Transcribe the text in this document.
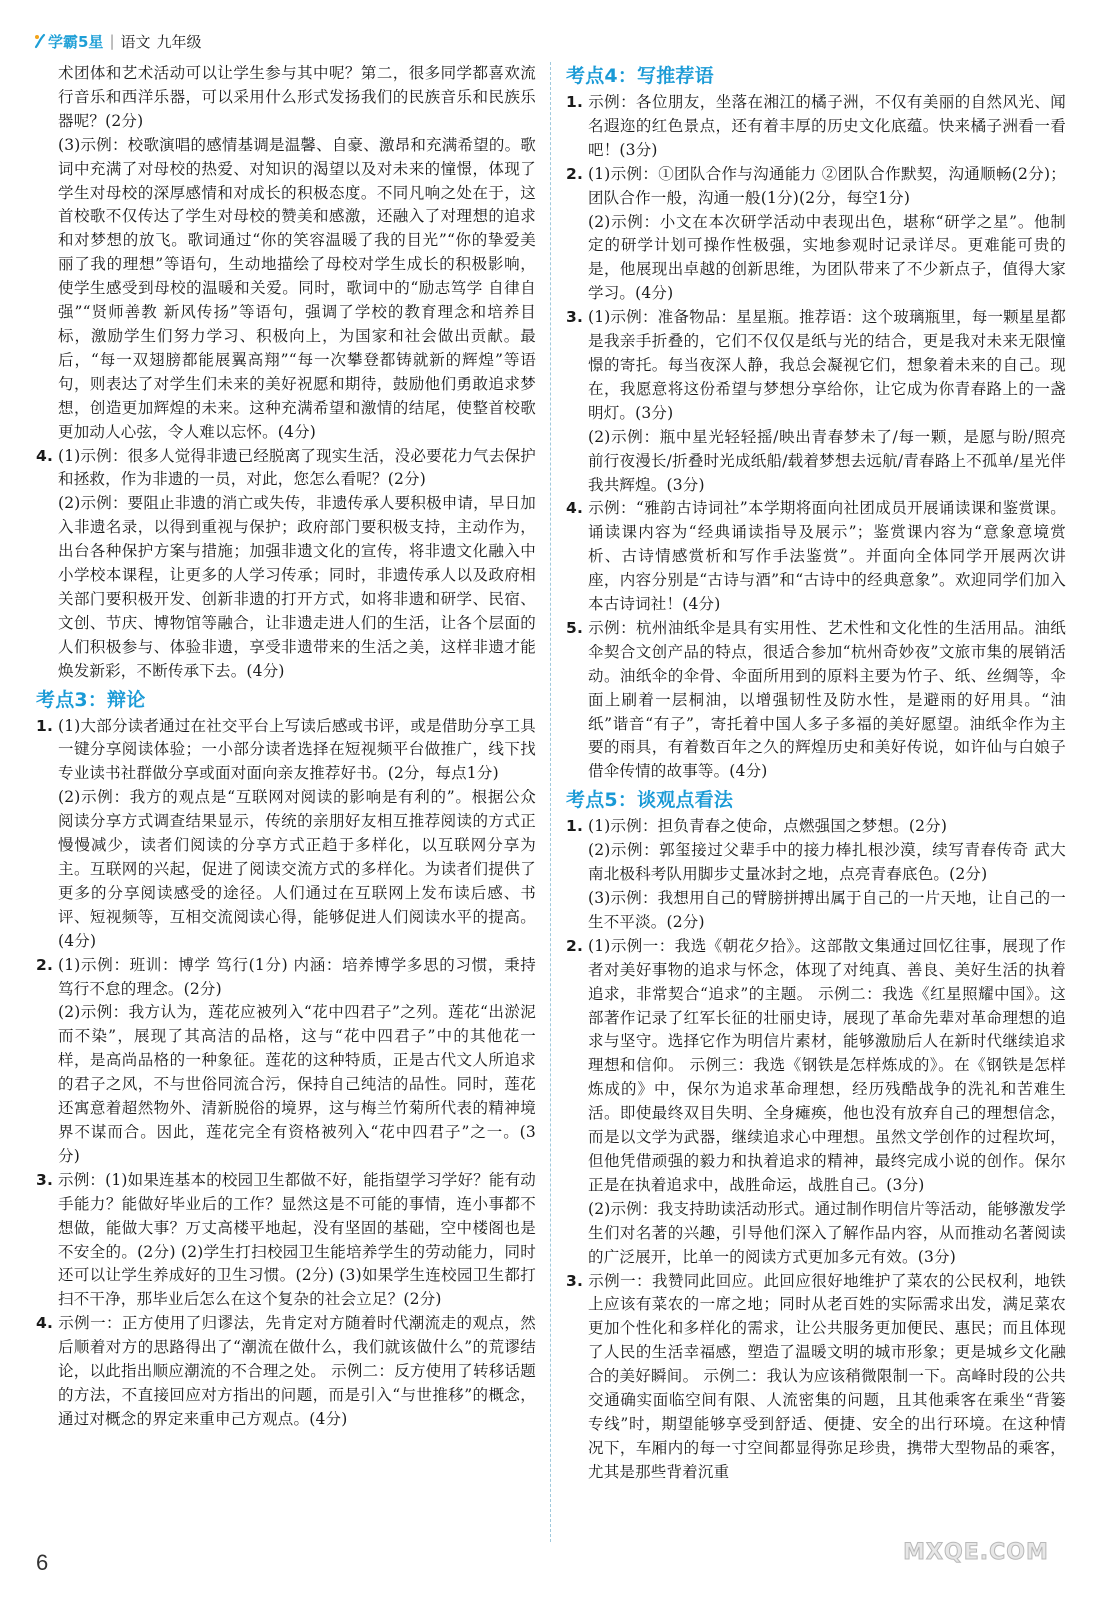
学霸5星 | 语文 九年级

术团体和艺术活动可以让学生参与其中呢？第二，很多同学都喜欢流行音乐和西洋乐器，可以采用什么形式发扬我们的民族音乐和民族乐器呢？(2分)

(3)示例：校歌演唱的感情基调是温馨、自豪、激昂和充满希望的。歌词中充满了对母校的热爱、对知识的渴望以及对未来的憧憬，体现了学生对母校的深厚感情和对成长的积极态度。不同凡响之处在于，这首校歌不仅传达了学生对母校的赞美和感激，还融入了对理想的追求和对梦想的放飞。歌词通过“你的笑容温暖了我的目光”“你的挚爱美丽了我的理想”等语句，生动地描绘了母校对学生成长的积极影响，使学生感受到母校的温暖和关爱。同时，歌词中的“励志笃学 自律自强”“贤师善教 新风传扬”等语句，强调了学校的教育理念和培养目标，激励学生们努力学习、积极向上，为国家和社会做出贡献。最后，“每一双翅膀都能展翼高翔”“每一次攀登都铸就新的辉煌”等语句，则表达了对学生们未来的美好祝愿和期待，鼓励他们勇敢追求梦想，创造更加辉煌的未来。这种充满希望和激情的结尾，使整首校歌更加动人心弦，令人难以忘怀。(4分)

4. (1)示例：很多人觉得非遗已经脱离了现实生活，没必要花力气去保护和拯救，作为非遗的一员，对此，您怎么看呢？(2分)

(2)示例：要阻止非遗的消亡或失传，非遗传承人要积极申请，早日加入非遗名录，以得到重视与保护；政府部门要积极支持，主动作为，出台各种保护方案与措施；加强非遗文化的宣传，将非遗文化融入中小学校本课程，让更多的人学习传承；同时，非遗传承人以及政府相关部门要积极开发、创新非遗的打开方式，如将非遗和研学、民宿、文创、节庆、博物馆等融合，让非遗走进人们的生活，让各个层面的人们积极参与、体验非遗，享受非遗带来的生活之美，这样非遗才能焕发新彩，不断传承下去。(4分)

考点3：辩论

1. (1)大部分读者通过在社交平台上写读后感或书评，或是借助分享工具一键分享阅读体验；一小部分读者选择在短视频平台做推广，线下找专业读书社群做分享或面对面向亲友推荐好书。(2分，每点1分)

(2)示例：我方的观点是“互联网对阅读的影响是有利的”。根据公众阅读分享方式调查结果显示，传统的亲朋好友相互推荐阅读的方式正慢慢减少，读者们阅读的分享方式正趋于多样化，以互联网分享为主。互联网的兴起，促进了阅读交流方式的多样化。为读者们提供了更多的分享阅读感受的途径。人们通过在互联网上发布读后感、书评、短视频等，互相交流阅读心得，能够促进人们阅读水平的提高。(4分)

2. (1)示例：班训：博学 笃行(1分) 内涵：培养博学多思的习惯，秉持笃行不怠的理念。(2分)

(2)示例：我方认为，莲花应被列入“花中四君子”之列。莲花“出淤泥而不染”，展现了其高洁的品格，这与“花中四君子”中的其他花一样，是高尚品格的一种象征。莲花的这种特质，正是古代文人所追求的君子之风，不与世俗同流合污，保持自己纯洁的品性。同时，莲花还寓意着超然物外、清新脱俗的境界，这与梅兰竹菊所代表的精神境界不谋而合。因此，莲花完全有资格被列入“花中四君子”之一。(3分)

3. 示例：(1)如果连基本的校园卫生都做不好，能指望学习学好？能有动手能力？能做好毕业后的工作？显然这是不可能的事情，连小事都不想做，能做大事？万丈高楼平地起，没有坚固的基础，空中楼阁也是不安全的。(2分) (2)学生打扫校园卫生能培养学生的劳动能力，同时还可以让学生养成好的卫生习惯。(2分) (3)如果学生连校园卫生都打扫不干净，那毕业后怎么在这个复杂的社会立足？(2分)

4. 示例一：正方使用了归谬法，先肯定对方随着时代潮流走的观点，然后顺着对方的思路得出了“潮流在做什么，我们就该做什么”的荒谬结论，以此指出顺应潮流的不合理之处。 示例二：反方使用了转移话题的方法，不直接回应对方指出的问题，而是引入“与世推移”的概念，通过对概念的界定来重申己方观点。(4分)

考点4：写推荐语

1. 示例：各位朋友，坐落在湘江的橘子洲，不仅有美丽的自然风光、闻名遐迩的红色景点，还有着丰厚的历史文化底蕴。快来橘子洲看一看吧！(3分)

2. (1)示例：①团队合作与沟通能力 ②团队合作默契，沟通顺畅(2分)；团队合作一般，沟通一般(1分)(2分，每空1分)

(2)示例：小文在本次研学活动中表现出色，堪称“研学之星”。他制定的研学计划可操作性极强，实地参观时记录详尽。更难能可贵的是，他展现出卓越的创新思维，为团队带来了不少新点子，值得大家学习。(4分)

3. (1)示例：准备物品：星星瓶。推荐语：这个玻璃瓶里，每一颗星星都是我亲手折叠的，它们不仅仅是纸与光的结合，更是我对未来无限憧憬的寄托。每当夜深人静，我总会凝视它们，想象着未来的自己。现在，我愿意将这份希望与梦想分享给你，让它成为你青春路上的一盏明灯。(3分)

(2)示例：瓶中星光轻轻摇/映出青春梦未了/每一颗，是愿与盼/照亮前行夜漫长/折叠时光成纸船/载着梦想去远航/青春路上不孤单/星光伴我共辉煌。(3分)

4. 示例：“雅韵古诗词社”本学期将面向社团成员开展诵读课和鉴赏课。诵读课内容为“经典诵读指导及展示”；鉴赏课内容为“意象意境赏析、古诗情感赏析和写作手法鉴赏”。并面向全体同学开展两次讲座，内容分别是“古诗与酒”和“古诗中的经典意象”。欢迎同学们加入本古诗词社！(4分)

5. 示例：杭州油纸伞是具有实用性、艺术性和文化性的生活用品。油纸伞契合文创产品的特点，很适合参加“杭州奇妙夜”文旅市集的展销活动。油纸伞的伞骨、伞面所用到的原料主要为竹子、纸、丝绸等，伞面上刷着一层桐油，以增强韧性及防水性，是避雨的好用具。“油纸”谐音“有子”，寄托着中国人多子多福的美好愿望。油纸伞作为主要的雨具，有着数百年之久的辉煌历史和美好传说，如许仙与白娘子借伞传情的故事等。(4分)

考点5：谈观点看法

1. (1)示例：担负青春之使命，点燃强国之梦想。(2分)

(2)示例：郭玺接过父辈手中的接力棒扎根沙漠，续写青春传奇 武大南北极科考队用脚步丈量冰封之地，点亮青春底色。(2分)

(3)示例：我想用自己的臂膀拼搏出属于自己的一片天地，让自己的一生不平淡。(2分)

2. (1)示例一：我选《朝花夕拾》。这部散文集通过回忆往事，展现了作者对美好事物的追求与怀念，体现了对纯真、善良、美好生活的执着追求，非常契合“追求”的主题。 示例二：我选《红星照耀中国》。这部著作记录了红军长征的壮丽史诗，展现了革命先辈对革命理想的追求与坚守。选择它作为明信片素材，能够激励后人在新时代继续追求理想和信仰。 示例三：我选《钢铁是怎样炼成的》。在《钢铁是怎样炼成的》中，保尔为追求革命理想，经历残酷战争的洗礼和苦难生活。即使最终双目失明、全身瘫痪，他也没有放弃自己的理想信念，而是以文学为武器，继续追求心中理想。虽然文学创作的过程坎坷，但他凭借顽强的毅力和执着追求的精神，最终完成小说的创作。保尔正是在执着追求中，战胜命运，战胜自己。(3分)

(2)示例：我支持助读活动形式。通过制作明信片等活动，能够激发学生们对名著的兴趣，引导他们深入了解作品内容，从而推动名著阅读的广泛展开，比单一的阅读方式更加多元有效。(3分)

3. 示例一：我赞同此回应。此回应很好地维护了菜农的公民权利，地铁上应该有菜农的一席之地；同时从老百姓的实际需求出发，满足菜农更加个性化和多样化的需求，让公共服务更加便民、惠民；而且体现了人民的生活幸福感，塑造了温暖文明的城市形象；更是城乡文化融合的美好瞬间。 示例二：我认为应该稍微限制一下。高峰时段的公共交通确实面临空间有限、人流密集的问题，且其他乘客在乘坐“背篓专线”时，期望能够享受到舒适、便捷、安全的出行环境。在这种情况下，车厢内的每一寸空间都显得弥足珍贵，携带大型物品的乘客，尤其是那些背着沉重

6	MXQE.COM
